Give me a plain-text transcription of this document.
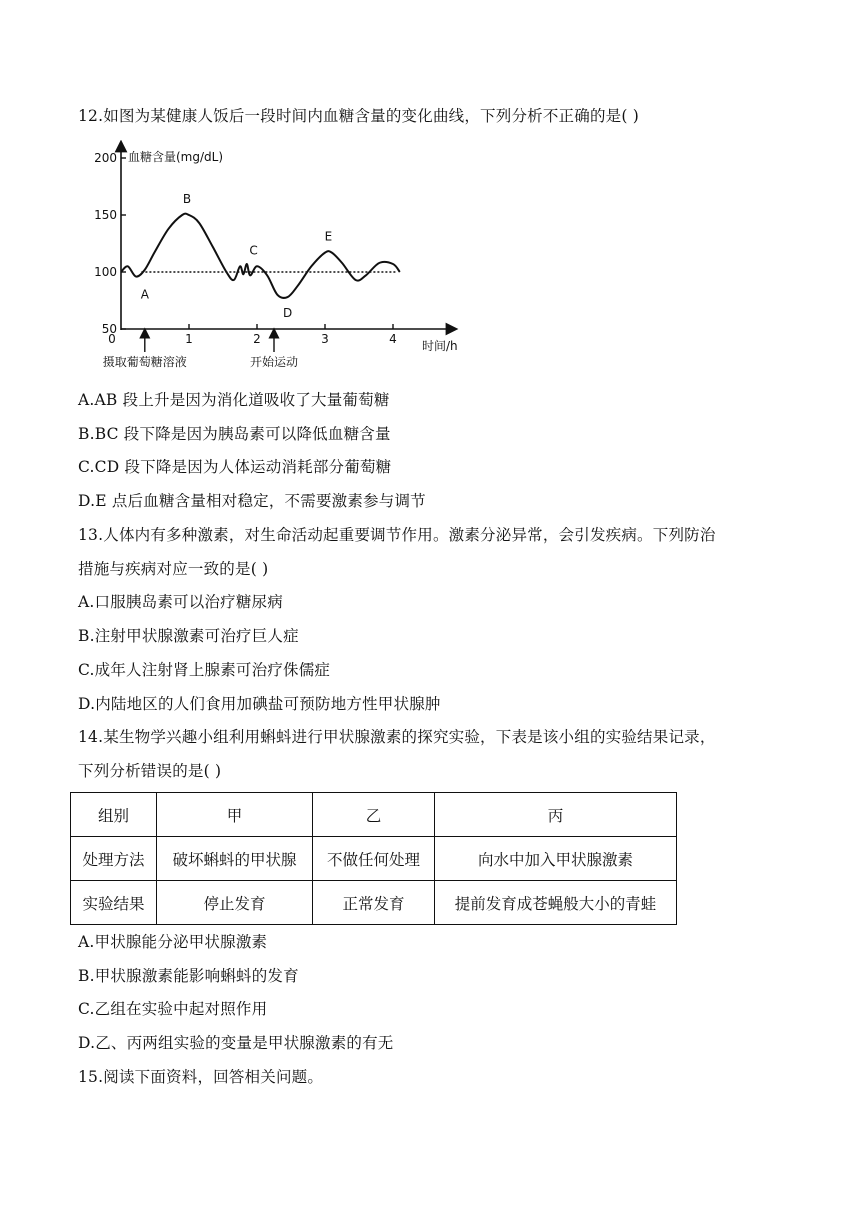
12.如图为某健康人饭后一段时间内血糖含量的变化曲线，下列分析不正确的是( )
血糖含量(mg/dL)
时间/h
200
150
100
50
0	1	2	3	4
A
B
C
D
E
摄取葡萄糖溶液	开始运动
A.AB 段上升是因为消化道吸收了大量葡萄糖
B.BC 段下降是因为胰岛素可以降低血糖含量
C.CD 段下降是因为人体运动消耗部分葡萄糖
D.E 点后血糖含量相对稳定，不需要激素参与调节
13.人体内有多种激素，对生命活动起重要调节作用。激素分泌异常，会引发疾病。下列防治
措施与疾病对应一致的是( )
A.口服胰岛素可以治疗糖尿病
B.注射甲状腺激素可治疗巨人症
C.成年人注射肾上腺素可治疗侏儒症
D.内陆地区的人们食用加碘盐可预防地方性甲状腺肿
14.某生物学兴趣小组利用蝌蚪进行甲状腺激素的探究实验，下表是该小组的实验结果记录，
下列分析错误的是( )
组别	甲	乙	丙
处理方法	破坏蝌蚪的甲状腺	不做任何处理	向水中加入甲状腺激素
实验结果	停止发育	正常发育	提前发育成苍蝇般大小的青蛙
A.甲状腺能分泌甲状腺激素
B.甲状腺激素能影响蝌蚪的发育
C.乙组在实验中起对照作用
D.乙、丙两组实验的变量是甲状腺激素的有无
15.阅读下面资料，回答相关问题。
